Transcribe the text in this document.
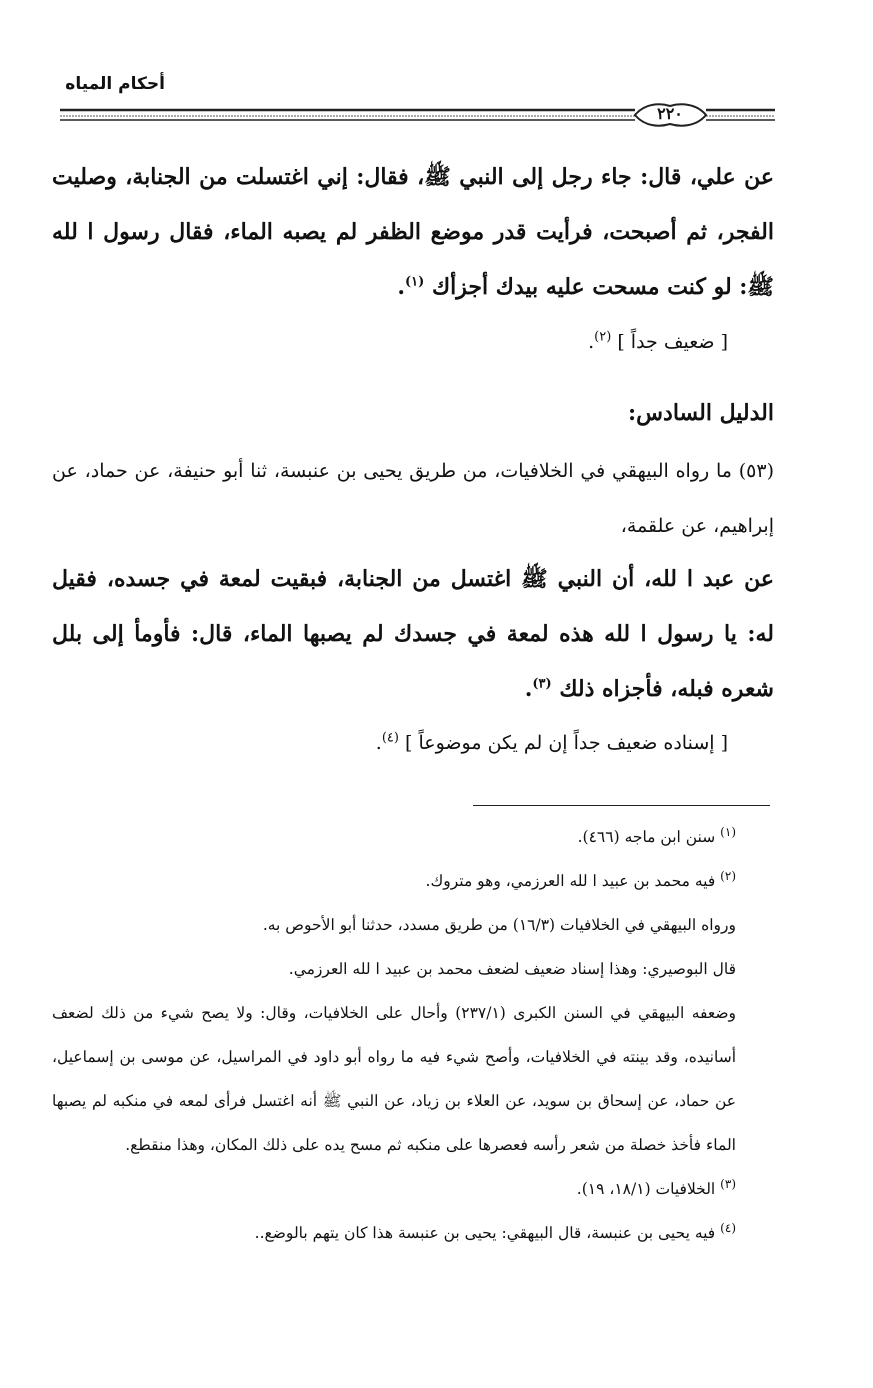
أحكام المياه
٢٢٠
عن علي، قال: جاء رجل إلى النبي ﷺ، فقال: إني اغتسلت من الجنابة، وصليت الفجر، ثم أصبحت، فرأيت قدر موضع الظفر لم يصبه الماء، فقال رسول ا لله ﷺ: لو كنت مسحت عليه بيدك أجزأك $^{(١)}$.
[ ضعيف جداً ] $^{(٢)}$.
الدليل السادس:
(٥٣) ما رواه البيهقي في الخلافيات، من طريق يحيى بن عنبسة، ثنا أبو حنيفة، عن حماد، عن إبراهيم، عن علقمة،
عن عبد ا لله، أن النبي ﷺ اغتسل من الجنابة، فبقيت لمعة في جسده، فقيل له: يا رسول ا لله هذه لمعة في جسدك لم يصبها الماء، قال: فأومأ إلى بلل شعره فبله، فأجزاه ذلك $^{(٣)}$.
[ إسناده ضعيف جداً إن لم يكن موضوعاً ] $^{(٤)}$.

$^{(١)}$ سنن ابن ماجه (٤٦٦).

$^{(٢)}$ فيه محمد بن عبيد ا لله العرزمي، وهو متروك.

ورواه البيهقي في الخلافيات (١٦/٣) من طريق مسدد، حدثنا أبو الأحوص به.

قال البوصيري: وهذا إسناد ضعيف لضعف محمد بن عبيد ا لله العرزمي.

وضعفه البيهقي في السنن الكبرى (٢٣٧/١) وأحال على الخلافيات، وقال: ولا يصح شيء من ذلك لضعف أسانيده، وقد بينته في الخلافيات، وأصح شيء فيه ما رواه أبو داود في المراسيل، عن موسى بن إسماعيل، عن حماد، عن إسحاق بن سويد، عن العلاء بن زياد، عن النبي ﷺ أنه اغتسل فرأى لمعه في منكبه لم يصبها الماء فأخذ خصلة من شعر رأسه فعصرها على منكبه ثم مسح يده على ذلك المكان، وهذا منقطع.

$^{(٣)}$ الخلافيات (١٨/١، ١٩).

$^{(٤)}$ فيه يحيى بن عنبسة، قال البيهقي: يحيى بن عنبسة هذا كان يتهم بالوضع..
